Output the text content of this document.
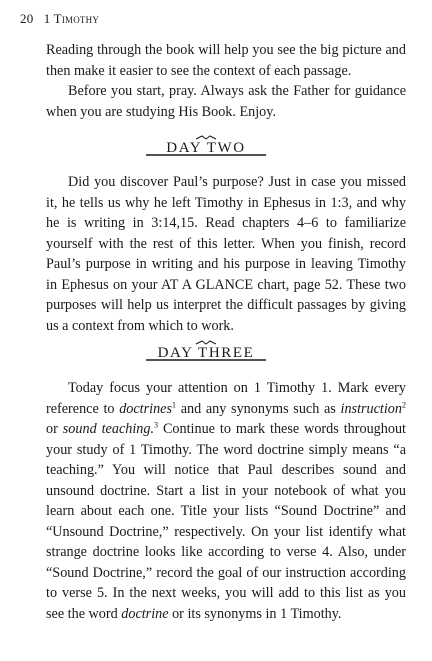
20 1 Timothy

Reading through the book will help you see the big picture and then make it easier to see the context of each passage.

Before you start, pray. Always ask the Father for guidance when you are studying His Book. Enjoy.

DAY TWO

Did you discover Paul’s purpose? Just in case you missed it, he tells us why he left Timothy in Ephesus in 1:3, and why he is writing in 3:14,15. Read chapters 4–6 to familiarize yourself with the rest of this letter. When you finish, record Paul’s purpose in writing and his purpose in leaving Timothy in Ephesus on your AT A GLANCE chart, page 52. These two purposes will help us interpret the difficult passages by giving us a context from which to work.

DAY THREE

Today focus your attention on 1 Timothy 1. Mark every reference to doctrines$^1$ and any synonyms such as instruction$^2$ or sound teaching.$^3$ Continue to mark these words throughout your study of 1 Timothy. The word doctrine simply means “a teaching.” You will notice that Paul describes sound and unsound doctrine. Start a list in your notebook of what you learn about each one. Title your lists “Sound Doctrine” and “Unsound Doctrine,” respectively. On your list identify what strange doctrine looks like according to verse 4. Also, under “Sound Doctrine,” record the goal of our instruction according to verse 5. In the next weeks, you will add to this list as you see the word doctrine or its synonyms in 1 Timothy.
